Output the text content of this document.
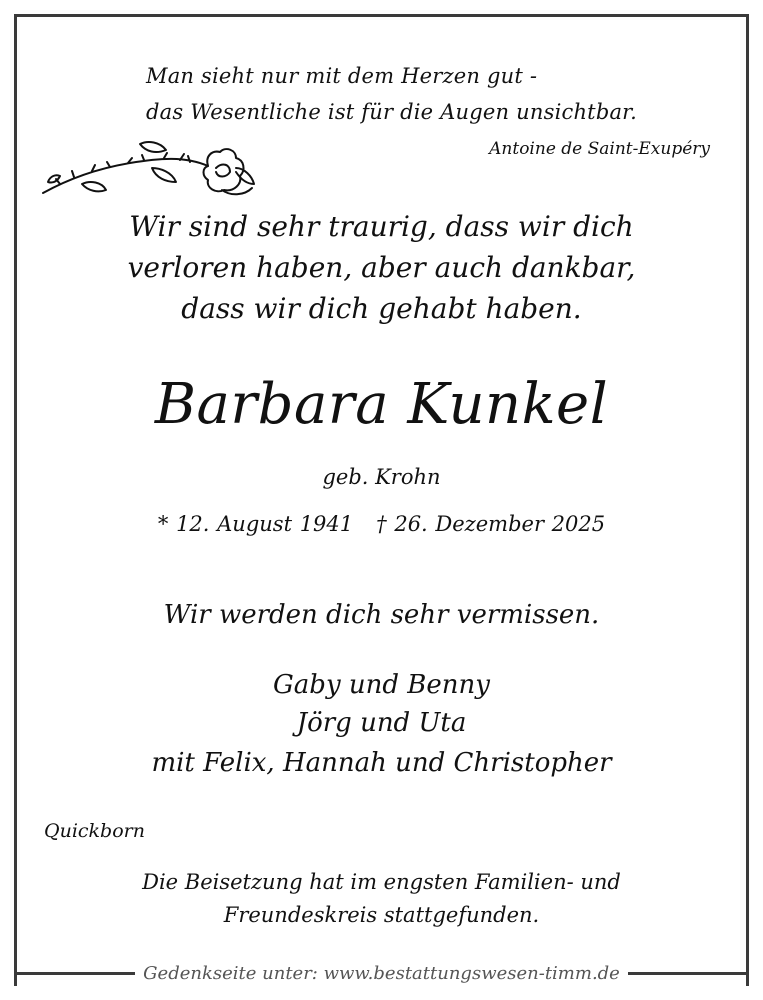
Man sieht nur mit dem Herzen gut -
das Wesentliche ist für die Augen unsichtbar.
Antoine de Saint-Exupéry
Wir sind sehr traurig, dass wir dich
verloren haben, aber auch dankbar,
dass wir dich gehabt haben.
Barbara Kunkel
geb. Krohn
* 12. August 1941   † 26. Dezember 2025
Wir werden dich sehr vermissen.
Gaby und Benny
Jörg und Uta
mit Felix, Hannah und Christopher
Quickborn
Die Beisetzung hat im engsten Familien- und
Freundeskreis stattgefunden.
Gedenkseite unter: www.bestattungswesen-timm.de
